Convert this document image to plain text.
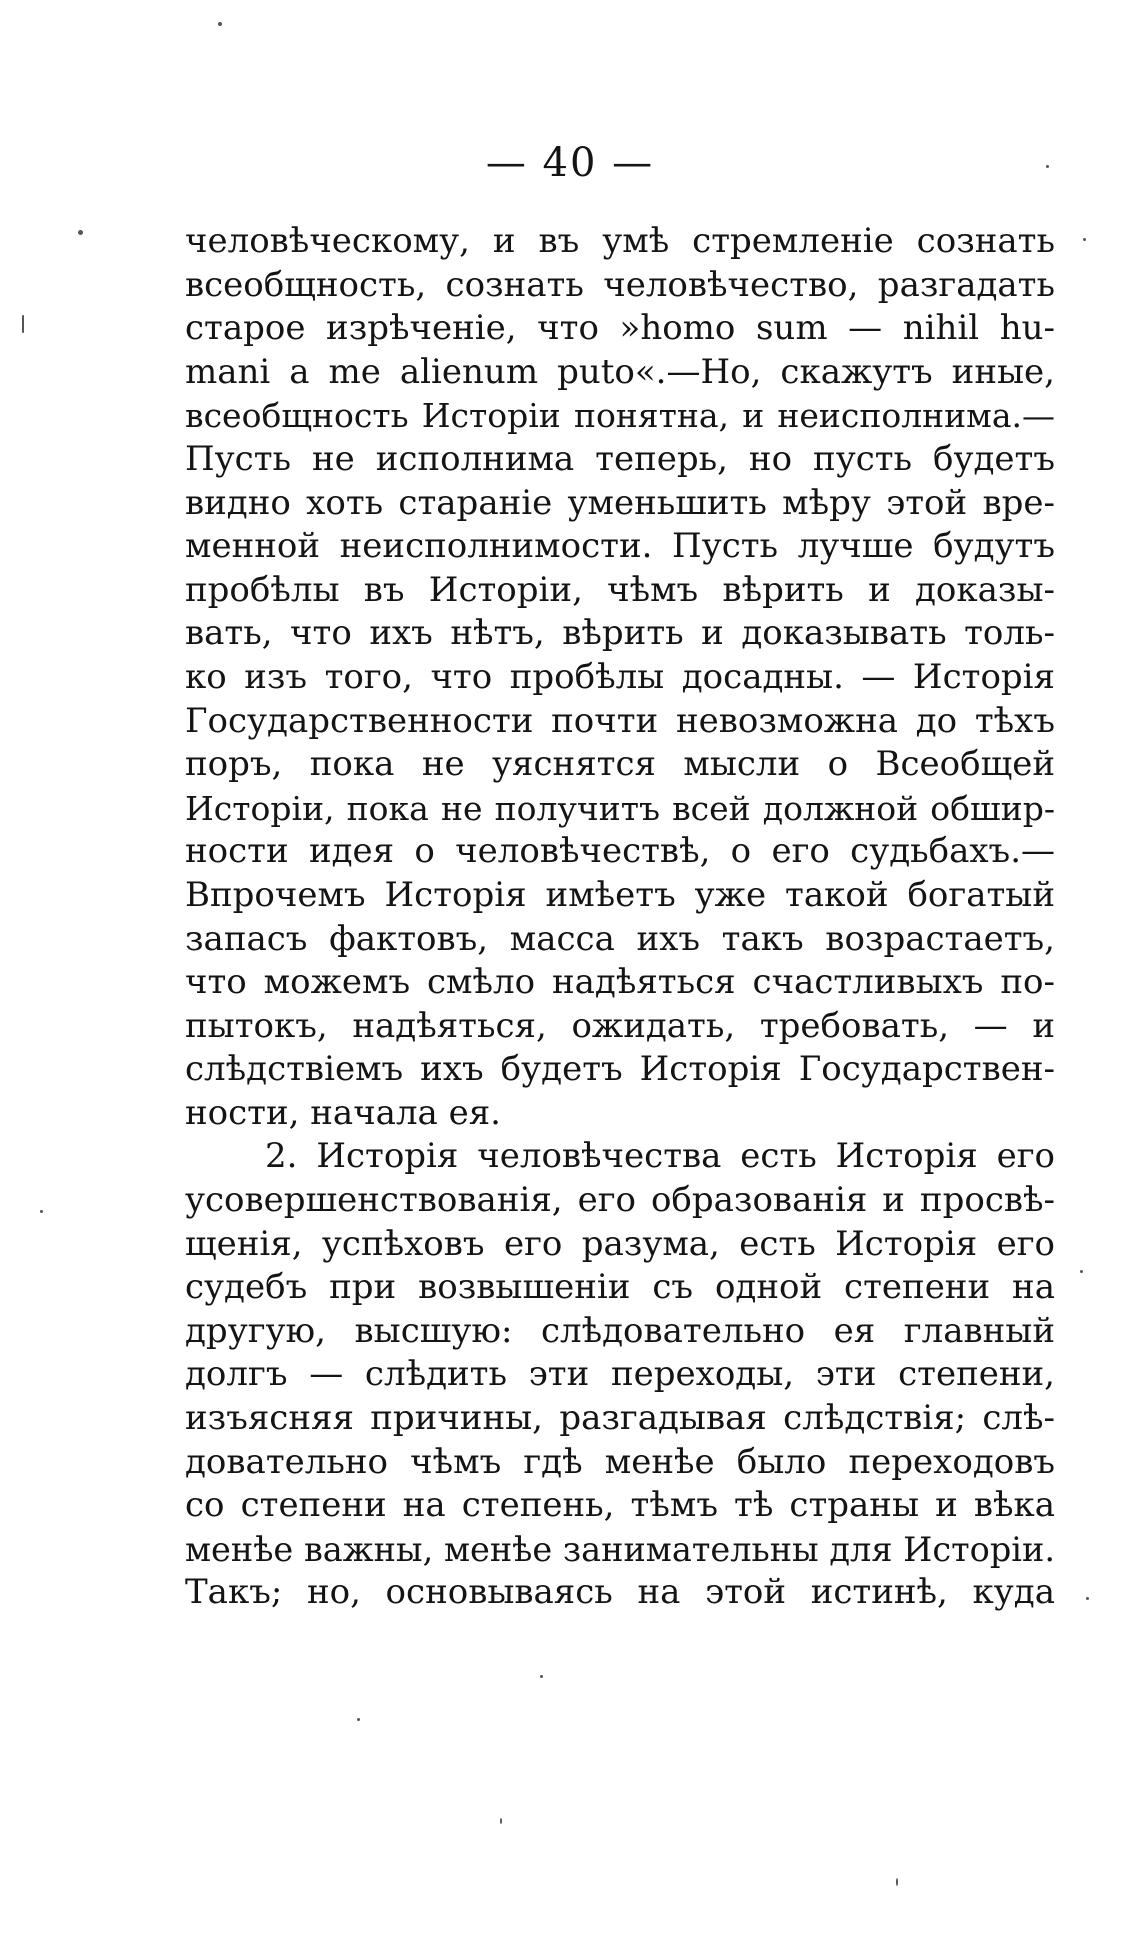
— 40 —
человѣческому, и въ умѣ стремленіе сознать
всеобщность, сознать человѣчество, разгадать
старое изрѣченіе, что »homo sum — nihil hu-
mani a me alienum puto«.—Но, скажутъ иные,
всеобщность Исторіи понятна, и неисполнима.—
Пусть не исполнима теперь, но пусть будетъ
видно хоть стараніе уменьшить мѣру этой вре-
менной неисполнимости. Пусть лучше будутъ
пробѣлы въ Исторіи, чѣмъ вѣрить и доказы-
вать, что ихъ нѣтъ, вѣрить и доказывать толь-
ко изъ того, что пробѣлы досадны. — Исторія
Государственности почти невозможна до тѣхъ
поръ, пока не уяснятся мысли о Всеобщей
Исторіи, пока не получитъ всей должной обшир-
ности идея о человѣчествѣ, о его судьбахъ.—
Впрочемъ Исторія имѣетъ уже такой богатый
запасъ фактовъ, масса ихъ такъ возрастаетъ,
что можемъ смѣло надѣяться счастливыхъ по-
пытокъ, надѣяться, ожидать, требовать, — и
слѣдствіемъ ихъ будетъ Исторія Государствен-
ности, начала ея.
2. Исторія человѣчества есть Исторія его
усовершенствованія, его образованія и просвѣ-
щенія, успѣховъ его разума, есть Исторія его
судебъ при возвышеніи съ одной степени на
другую, высшую: слѣдовательно ея главный
долгъ — слѣдить эти переходы, эти степени,
изъясняя причины, разгадывая слѣдствія; слѣ-
довательно чѣмъ гдѣ менѣе было переходовъ
со степени на степень, тѣмъ тѣ страны и вѣка
менѣе важны, менѣе занимательны для Исторіи.
Такъ; но, основываясь на этой истинѣ, куда
